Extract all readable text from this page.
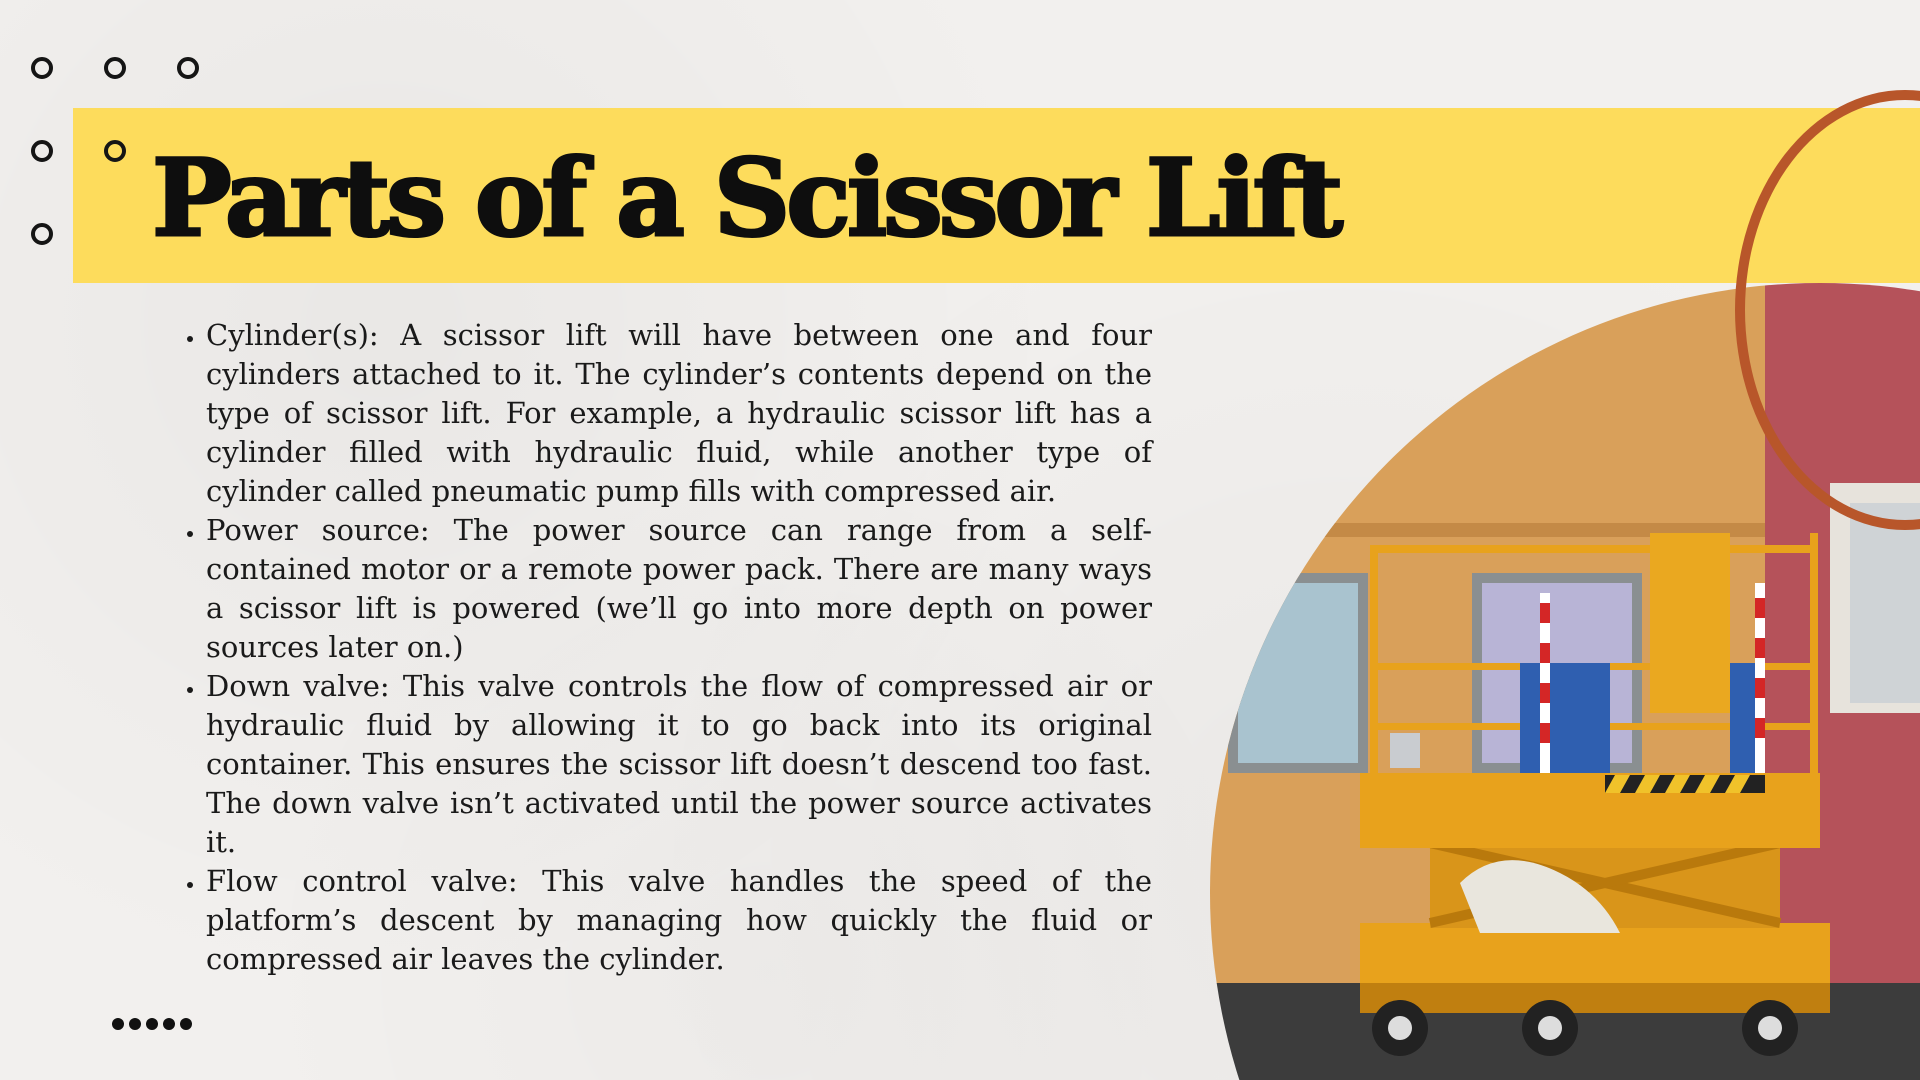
Parts of a Scissor Lift
• Cylinder(s): A scissor lift will have between one and four cylinders attached to it. The cylinder’s contents depend on the type of scissor lift. For example, a hydraulic scissor lift has a cylinder filled with hydraulic fluid, while another type of cylinder called pneumatic pump fills with compressed air.
• Power source: The power source can range from a self-contained motor or a remote power pack. There are many ways a scissor lift is powered (we’ll go into more depth on power sources later on.)
• Down valve: This valve controls the flow of compressed air or hydraulic fluid by allowing it to go back into its original container. This ensures the scissor lift doesn’t descend too fast. The down valve isn’t activated until the power source activates it.
• Flow control valve: This valve handles the speed of the platform’s descent by managing how quickly the fluid or compressed air leaves the cylinder.
